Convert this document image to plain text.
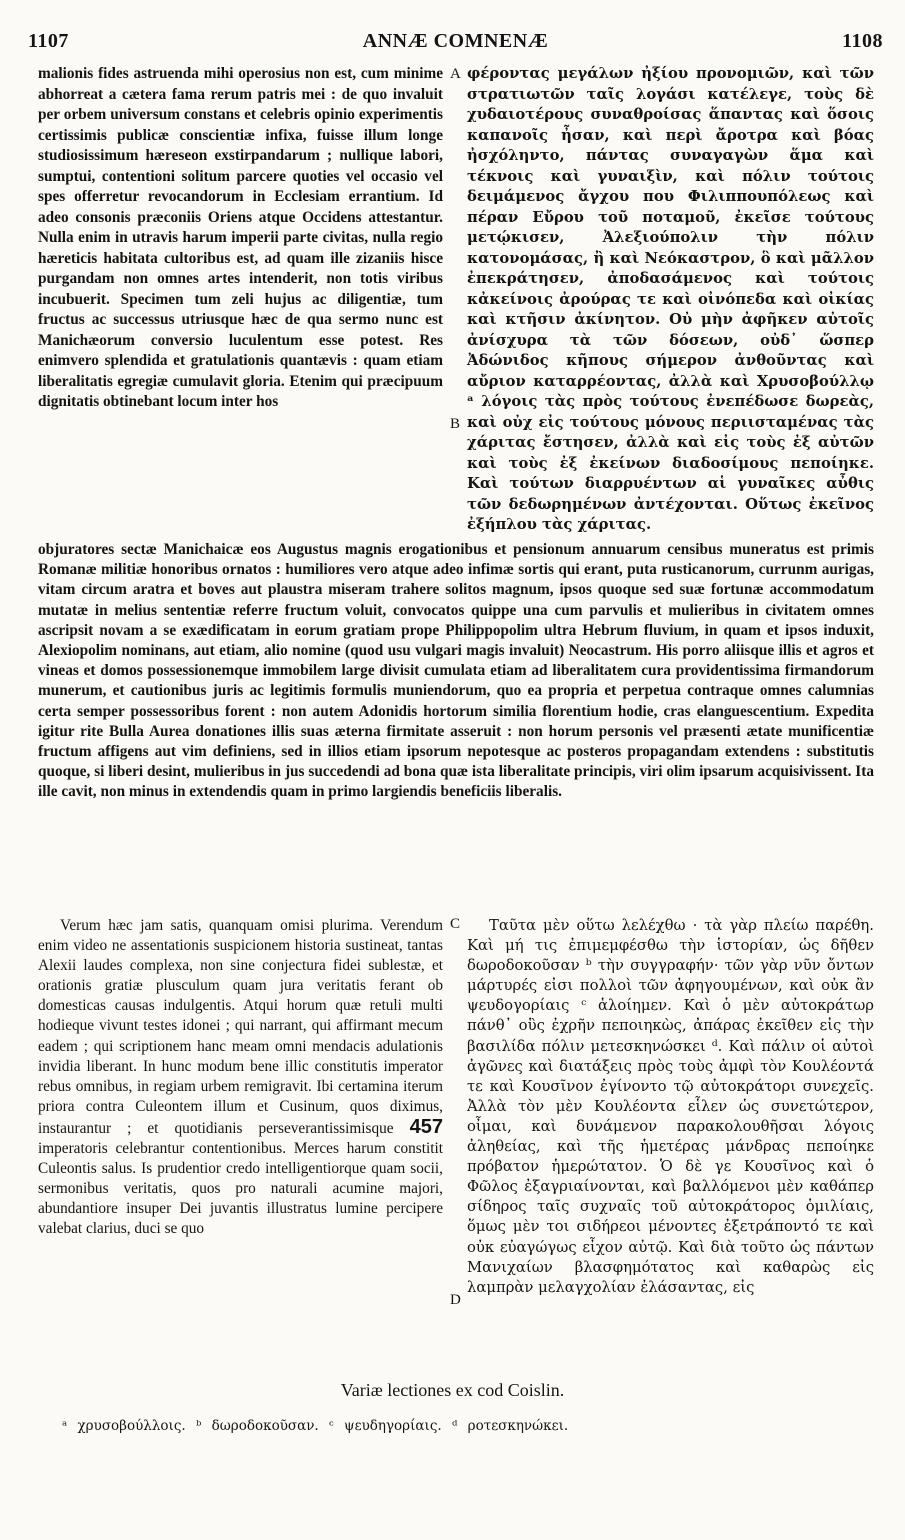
1107	ANNÆ COMNENÆ	1108

malionis fides astruenda mihi operosius non est, cum minime abhorreat a cætera fama rerum patris mei : de quo invaluit per orbem universum constans et celebris opinio experimentis certissimis publicæ conscientiæ infixa, fuisse illum longe studiosissimum hæreseon exstirpandarum ; nullique labori, sumptui, contentioni solitum parcere quoties vel occasio vel spes offerretur revocandorum in Ecclesiam errantium. Id adeo consonis præconiis Oriens atque Occidens attestantur. Nulla enim in utravis harum imperii parte civitas, nulla regio hæreticis habitata cultoribus est, ad quam ille zizaniis hisce purgandam non omnes artes intenderit, non totis viribus incubuerit. Specimen tum zeli hujus ac diligentiæ, tum fructus ac successus utriusque hæc de qua sermo nunc est Manichæorum conversio luculentum esse potest. Res enimvero splendida et gratulationis quantævis : quam etiam liberalitatis egregiæ cumulavit gloria. Etenim qui præcipuum dignitatis obtinebant locum inter hos

A φέροντας μεγάλων ἠξίου προνομιῶν, καὶ τῶν στρατιωτῶν ταῖς λογάσι κατέλεγε, τοὺς δὲ χυδαιοτέρους συναθροίσας ἅπαντας καὶ ὅσοις καπανοῖς ἦσαν, καὶ περὶ ἄροτρα καὶ βόας ἠσχόληντο, πάντας συναγαγὼν ἅμα καὶ τέκνοις καὶ γυναιξὶν, καὶ πόλιν τούτοις δειμάμενος ἄγχου που Φιλιππουπόλεως καὶ πέραν Εὔρου τοῦ ποταμοῦ, ἐκεῖσε τούτους μετῴκισεν, Ἀλεξιούπολιν τὴν πόλιν κατονομάσας, ἢ καὶ Νεόκαστρον, ὃ καὶ μᾶλλον ἐπεκράτησεν, ἀποδασάμενος καὶ τούτοις κἀκείνοις ἀρούρας τε καὶ οἰνόπεδα καὶ οἰκίας καὶ κτῆσιν ἀκίνητον. Οὐ μὴν ἀφῆκεν αὐτοῖς ἀνίσχυρα τὰ τῶν δόσεων, οὐδ᾽ ὥσπερ Ἀδώνιδος κῆπους σήμερον ἀνθοῦντας καὶ αὔριον καταρρέοντας, ἀλλὰ καὶ Χρυσοβούλλῳ ᵃ λόγοις τὰς πρὸς τούτους ἐνεπέδωσε δωρεὰς, καὶ οὐχ εἰς τούτους μόνους περιισταμένας τὰς χάριτας ἔστησεν, ἀλλὰ καὶ εἰς τοὺς ἐξ αὐτῶν καὶ τοὺς ἐξ ἐκείνων διαδοσίμους πεποίηκε. Καὶ τούτων διαρρυέντων αἱ γυναῖκες αὖθις τῶν δεδωρημένων ἀντέχονται. Οὕτως ἐκεῖνος ἐξήπλου τὰς χάριτας.

B

objuratores sectæ Manichaicæ eos Augustus magnis erogationibus et pensionum annuarum censibus muneratus est primis Romanæ militiæ honoribus ornatos : humiliores vero atque adeo infimæ sortis qui erant, puta rusticanorum, currunm aurigas, vitam circum aratra et boves aut plaustra miseram trahere solitos magnum, ipsos quoque sed suæ fortunæ accommodatum mutatæ in melius sententiæ referre fructum voluit, convocatos quippe una cum parvulis et mulieribus in civitatem omnes ascripsit novam a se exædificatam in eorum gratiam prope Philippopolim ultra Hebrum fluvium, in quam et ipsos induxit, Alexiopolim nominans, aut etiam, alio nomine (quod usu vulgari magis invaluit) Neocastrum. His porro aliisque illis et agros et vineas et domos possessionemque immobilem large divisit cumulata etiam ad liberalitatem cura providentissima firmandorum munerum, et cautionibus juris ac legitimis formulis muniendorum, quo ea propria et perpetua contraque omnes calumnias certa semper possessoribus forent : non autem Adonidis hortorum similia florentium hodie, cras elanguescentium. Expedita igitur rite Bulla Aurea donationes illis suas æterna firmitate asseruit : non horum personis vel præsenti ætate munificentiæ fructum affigens aut vim definiens, sed in illios etiam ipsorum nepotesque ac posteros propagandam extendens : substitutis quoque, si liberi desint, mulieribus in jus succedendi ad bona quæ ista liberalitate principis, viri olim ipsarum acquisivissent. Ita ille cavit, non minus in extendendis quam in primo largiendis beneficiis liberalis.

Verum hæc jam satis, quanquam omisi plurima. Verendum enim video ne assentationis suspicionem historia sustineat, tantas Alexii laudes complexa, non sine conjectura fidei sublestæ, et orationis gratiæ plusculum quam jura veritatis ferant ob domesticas causas indulgentis. Atqui horum quæ retuli multi hodieque vivunt testes idonei ; qui narrant, qui affirmant mecum eadem ; qui scriptionem hanc meam omni mendacis adulationis invidia liberant. In hunc modum bene illic constitutis imperator rebus omnibus, in regiam urbem remigravit. Ibi certamina iterum priora contra Culeontem illum et Cusinum, quos diximus, instaurantur ; et quotidianis perseverantissimisque 457 imperatoris celebrantur contentionibus. Merces harum constitit Culeontis salus. Is prudentior credo intelligentiorque quam socii, sermonibus veritatis, quos pro naturali acumine majori, abundantiore insuper Dei juvantis illustratus lumine percipere valebat clarius, duci se quo

C	Ταῦτα μὲν οὕτω λελέχθω · τὰ γὰρ πλείω παρέθη. Καὶ μή τις ἐπιμεμφέσθω τὴν ἱστορίαν, ὡς δῆθεν δωροδοκοῦσαν ᵇ τὴν συγγραφήν· τῶν γὰρ νῦν ὄντων μάρτυρές εἰσι πολλοὶ τῶν ἀφηγουμένων, καὶ οὐκ ἂν ψευδογορίαις ᶜ ἁλοίημεν. Καὶ ὁ μὲν αὐτοκράτωρ πάνθ᾽ οὓς ἐχρῆν πεποιηκὼς, ἀπάρας ἐκεῖθεν εἰς τὴν βασιλίδα πόλιν μετεσκηνώσκει ᵈ. Καὶ πάλιν οἱ αὐτοὶ ἀγῶνες καὶ διατάξεις πρὸς τοὺς ἀμφὶ τὸν Κουλέοντά τε καὶ Κουσῖνον ἐγίνοντο τῷ αὐτοκράτορι συνεχεῖς. Ἀλλὰ τὸν μὲν Κουλέοντα εἷλεν ὡς συνετώτερον, οἶμαι, καὶ δυνάμενον παρακολουθῆσαι λόγοις ἀληθείας, καὶ τῆς ἡμετέρας μάνδρας πεποίηκε πρόβατον ἡμερώτατον. Ὁ δὲ γε Κουσῖνος καὶ ὁ Φῶλος ἐξαγριαίνονται, καὶ βαλλόμενοι μὲν καθάπερ σίδηρος ταῖς συχναῖς τοῦ αὐτοκράτορος ὁμιλίαις, ὅμως μὲν τοι σιδήρεοι μένοντες ἐξετράποντό τε καὶ οὐκ εὐαγώγως εἶχον αὐτῷ. Καὶ διὰ τοῦτο ὡς πάντων Μανιχαίων βλασφημότατος καὶ καθαρὼς εἰς λαμπρὰν μελαγχολίαν ἐλάσαντας, εἰς

D
Variæ lectiones ex cod Coislin.
ᵃ χρυσοβούλλοις. ᵇ δωροδοκοῦσαν. ᶜ ψευδηγορίαις. ᵈ ροτεσκηνώκει.
